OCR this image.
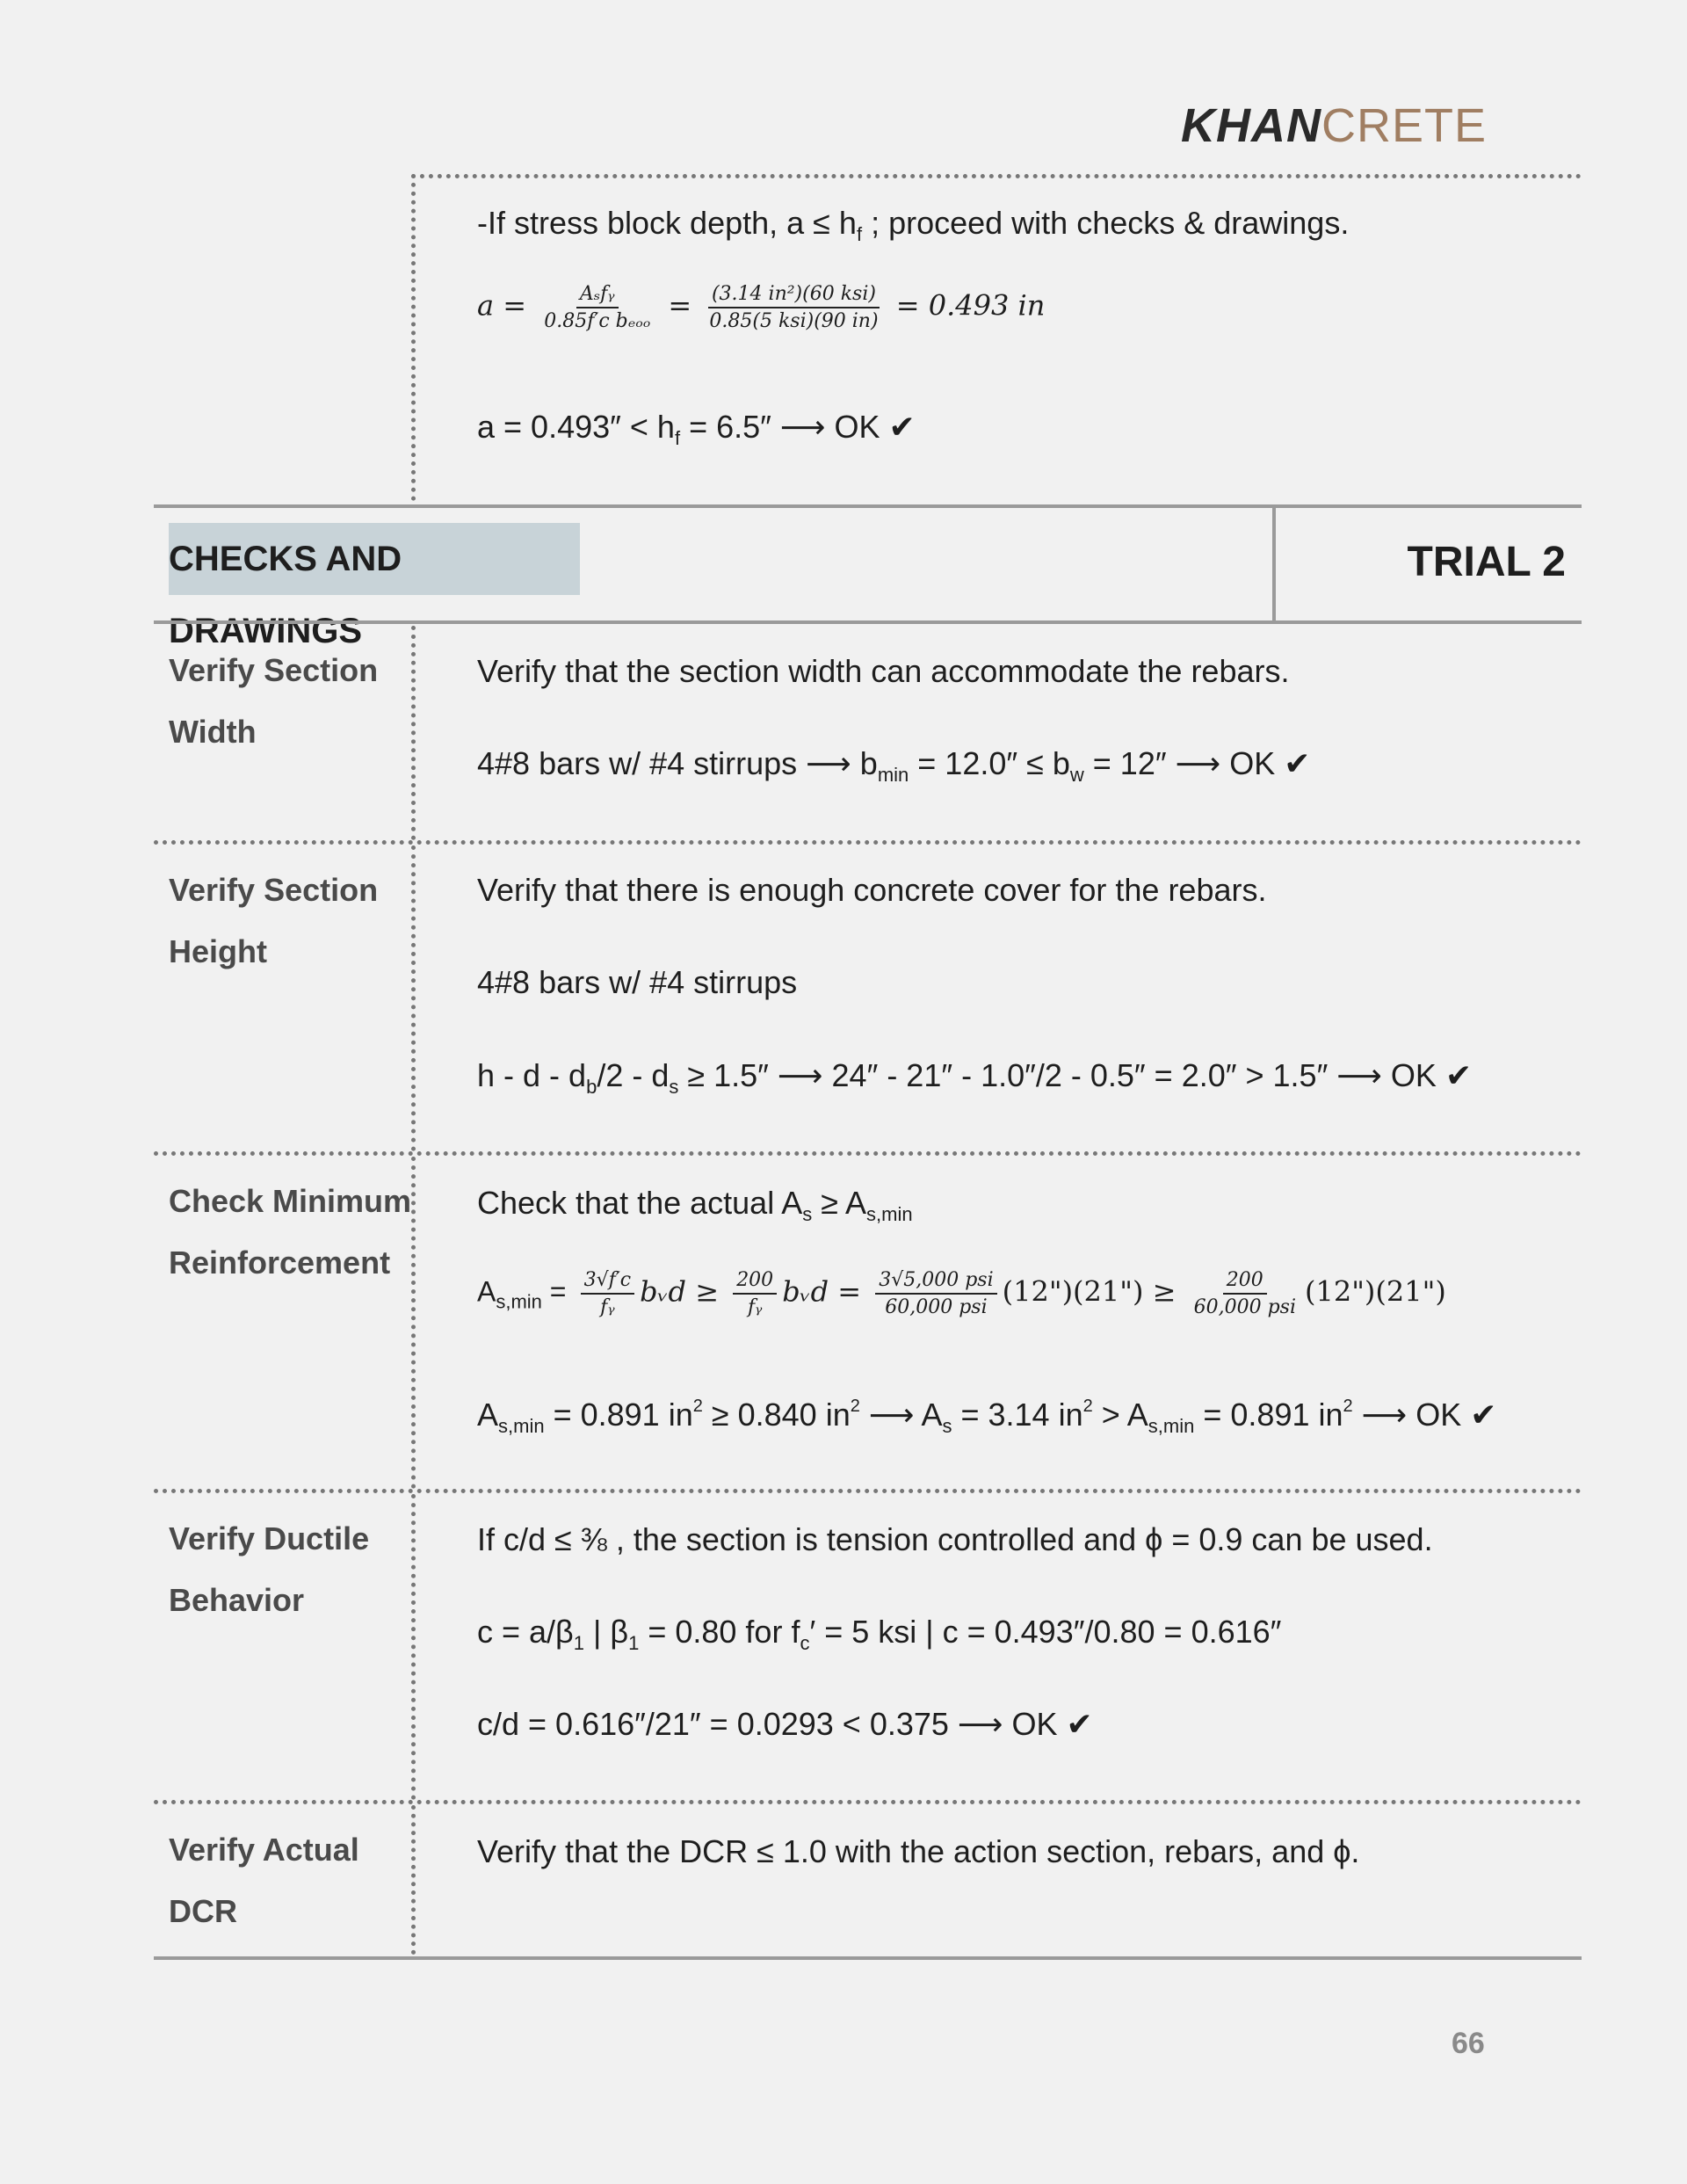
KHANCRETE
-If stress block depth, $a \le h_f$ ; proceed with checks & drawings.
$a = \frac{\text{Aₛfᵧ}}{\text{0.85f′c bₑₒₒ}} = \frac{\text{(3.14 in²)(60 ksi)}}{\text{0.85(5 ksi)(90 in)}} = 0.493$ in
$a = 0.493'' < h_f = 6.5''$ ⟶ OK ✔
CHECKS AND DRAWINGS
TRIAL 2
Verify Section
Width
Verify that the section width can accommodate the rebars.
4#8 bars w/ #4 stirrups ⟶ $b_{min} = 12.0'' \le b_w = 12''$ ⟶ OK ✔
Verify Section
Height
Verify that there is enough concrete cover for the rebars.
4#8 bars w/ #4 stirrups
$h - d - d_b/2 - d_s \ge 1.5''$ ⟶ 24″ - 21″ - 1.0″/2 - 0.5″ = 2.0″ > 1.5″ ⟶ OK ✔
Check Minimum
Reinforcement
Check that the actual $A_s \ge A_{s,min}$
$A_{s,min} = \frac{3√f'c}{\text{fᵧ}}$ bᵥd ≥ $\frac{200}{\text{fᵧ}}$ bᵥd = $\frac{\text{3√5,000 psi}}{\text{60,000 psi}}$ (12")(21") ≥ $\frac{200}{\text{60,000 psi}}$ (12")(21")
$A_{s,min} = 0.891$ $in^2 \ge 0.840$ $in^2$ ⟶ $A_s = 3.14$ $in^2 > A_{s,min} = 0.891$ $in^2$ ⟶ OK ✔
Verify Ductile
Behavior
If c/d ≤ ⅜ , the section is tension controlled and ϕ = 0.9 can be used.
$c = a/\beta_1$ | $\beta_1 = 0.80$ for $f_c' = 5$ ksi | c = 0.493″/0.80 = 0.616″
c/d = 0.616″/21″ = 0.0293 < 0.375 ⟶ OK ✔
Verify Actual
DCR
Verify that the DCR ≤ 1.0 with the action section, rebars, and ϕ.
66
